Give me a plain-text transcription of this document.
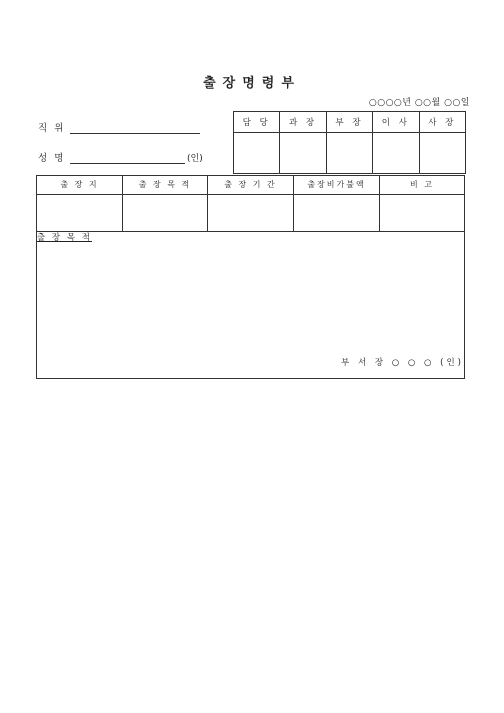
출장명령부
○○○○년 ○○월 ○○일
직 위
성 명	(인)
담 당	과 장	부 장	이 사	사 장

출 장 지	출 장 목 적	출 장 기 간	출장비가불액	비 고
출 장 목 적
부 서 장 ○ ○ ○ (인)
